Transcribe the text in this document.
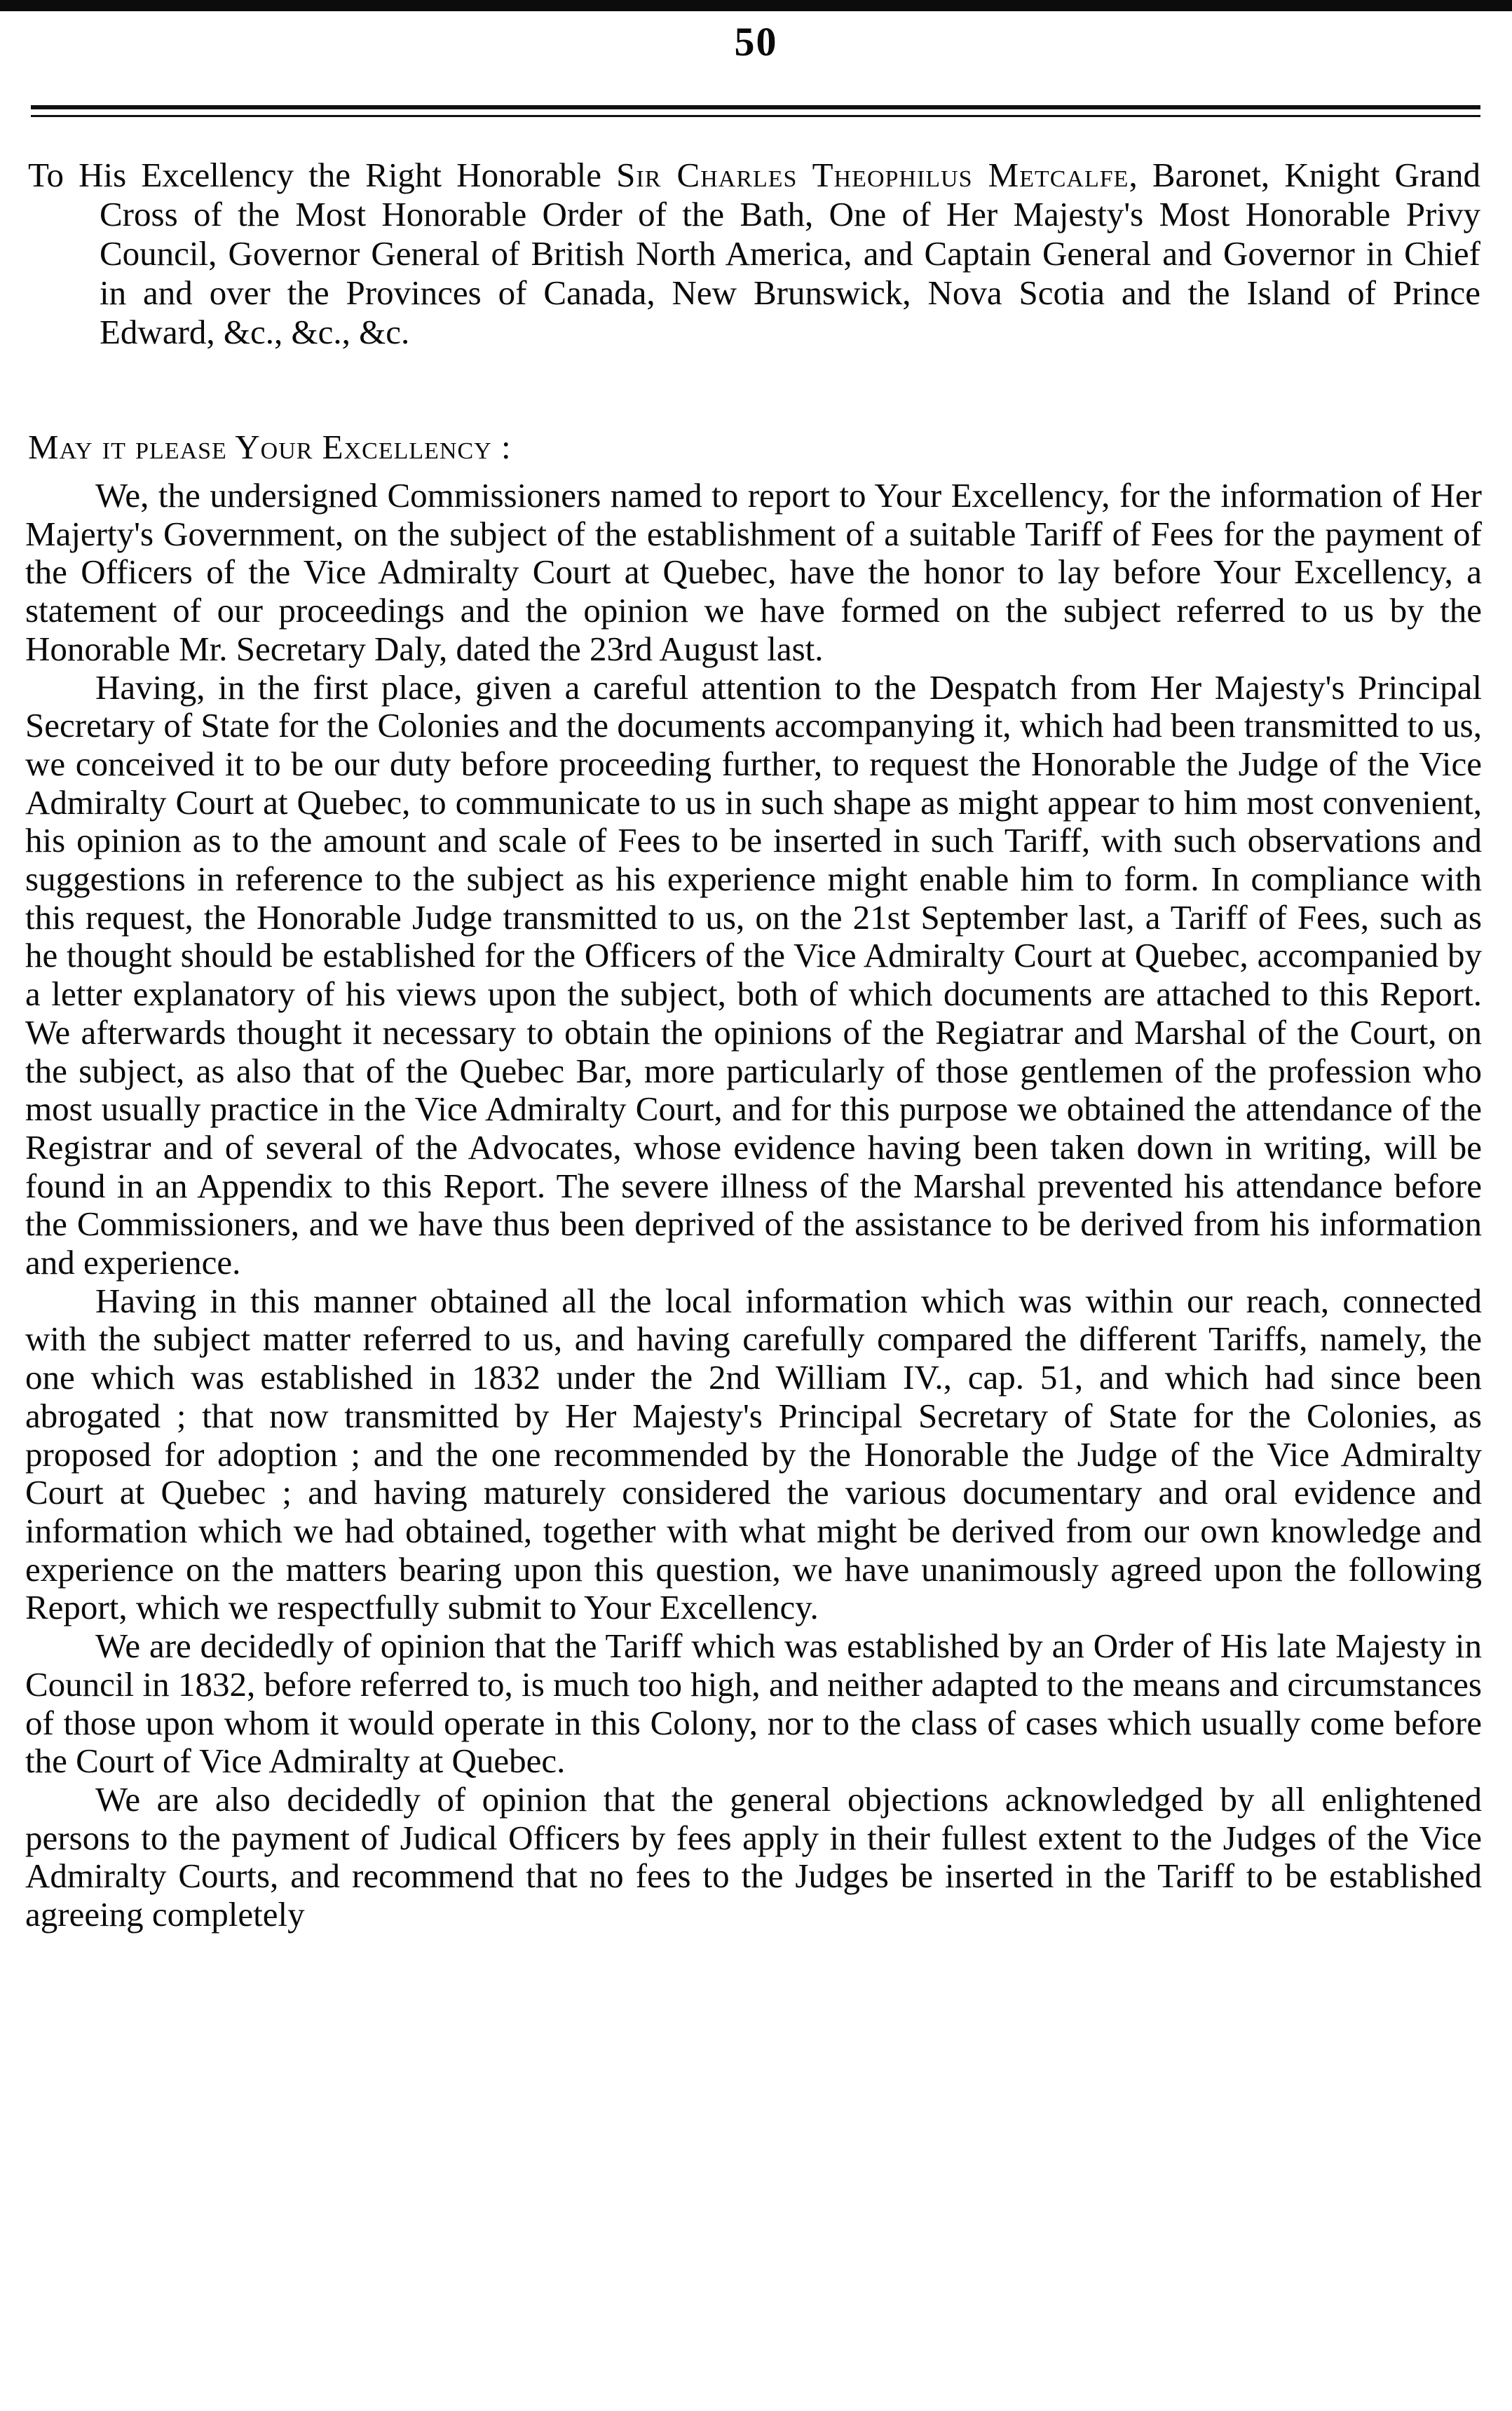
50
To His Excellency the Right Honorable Sir Charles Theophilus Metcalfe, Baronet, Knight Grand Cross of the Most Honorable Order of the Bath, One of Her Majesty's Most Honorable Privy Council, Governor General of British North America, and Captain General and Governor in Chief in and over the Provinces of Canada, New Brunswick, Nova Scotia and the Island of Prince Edward, &c., &c., &c.
May it please Your Excellency :

We, the undersigned Commissioners named to report to Your Excellency, for the information of Her Majerty's Government, on the subject of the establishment of a suitable Tariff of Fees for the payment of the Officers of the Vice Admiralty Court at Quebec, have the honor to lay before Your Excellency, a statement of our proceedings and the opinion we have formed on the subject referred to us by the Honorable Mr. Secretary Daly, dated the 23rd August last.

Having, in the first place, given a careful attention to the Despatch from Her Majesty's Principal Secretary of State for the Colonies and the documents accompanying it, which had been transmitted to us, we conceived it to be our duty before proceeding further, to request the Honorable the Judge of the Vice Admiralty Court at Quebec, to communicate to us in such shape as might appear to him most convenient, his opinion as to the amount and scale of Fees to be inserted in such Tariff, with such observations and suggestions in reference to the subject as his experience might enable him to form. In compliance with this request, the Honorable Judge transmitted to us, on the 21st September last, a Tariff of Fees, such as he thought should be established for the Officers of the Vice Admiralty Court at Quebec, accompanied by a letter explanatory of his views upon the subject, both of which documents are attached to this Report. We afterwards thought it necessary to obtain the opinions of the Regiatrar and Marshal of the Court, on the subject, as also that of the Quebec Bar, more particularly of those gentlemen of the profession who most usually practice in the Vice Admiralty Court, and for this purpose we obtained the attendance of the Registrar and of several of the Advocates, whose evidence having been taken down in writing, will be found in an Appendix to this Report. The severe illness of the Marshal prevented his attendance before the Commissioners, and we have thus been deprived of the assistance to be derived from his information and experience.

Having in this manner obtained all the local information which was within our reach, connected with the subject matter referred to us, and having carefully compared the different Tariffs, namely, the one which was established in 1832 under the 2nd William IV., cap. 51, and which had since been abrogated ; that now transmitted by Her Majesty's Principal Secretary of State for the Colonies, as proposed for adoption ; and the one recommended by the Honorable the Judge of the Vice Admiralty Court at Quebec ; and having maturely considered the various documentary and oral evidence and information which we had obtained, together with what might be derived from our own knowledge and experience on the matters bearing upon this question, we have unanimously agreed upon the following Report, which we respectfully submit to Your Excellency.

We are decidedly of opinion that the Tariff which was established by an Order of His late Majesty in Council in 1832, before referred to, is much too high, and neither adapted to the means and circumstances of those upon whom it would operate in this Colony, nor to the class of cases which usually come before the Court of Vice Admiralty at Quebec.

We are also decidedly of opinion that the general objections acknowledged by all enlightened persons to the payment of Judical Officers by fees apply in their fullest extent to the Judges of the Vice Admiralty Courts, and recommend that no fees to the Judges be inserted in the Tariff to be established agreeing completely
